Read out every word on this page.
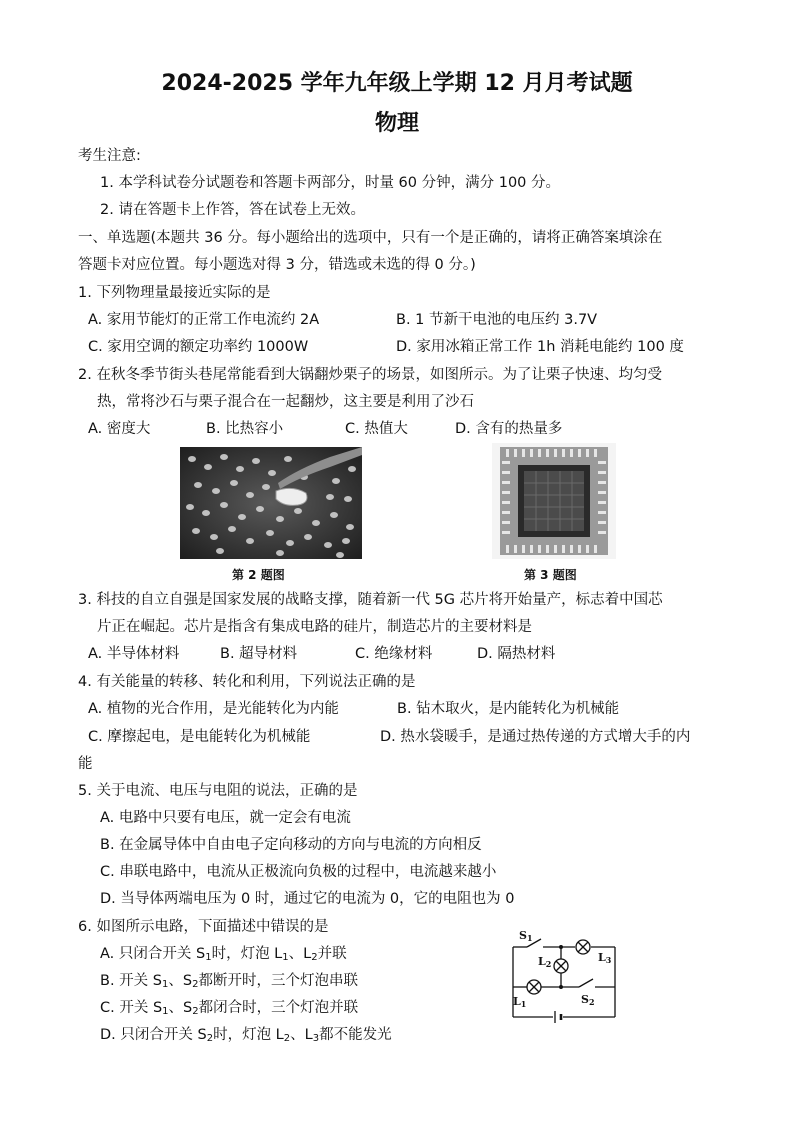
2024-2025 学年九年级上学期 12 月月考试题
物理
考生注意:
1. 本学科试卷分试题卷和答题卡两部分，时量 60 分钟，满分 100 分。
2. 请在答题卡上作答，答在试卷上无效。
一、单选题(本题共 36 分。每小题给出的选项中，只有一个是正确的，请将正确答案填涂在
答题卡对应位置。每小题选对得 3 分，错选或未选的得 0 分。)
1. 下列物理量最接近实际的是
A. 家用节能灯的正常工作电流约 2A	B. 1 节新干电池的电压约 3.7V
C. 家用空调的额定功率约 1000W	D. 家用冰箱正常工作 1h 消耗电能约 100 度
2. 在秋冬季节街头巷尾常能看到大锅翻炒栗子的场景，如图所示。为了让栗子快速、均匀受
热，常将沙石与栗子混合在一起翻炒，这主要是利用了沙石
A. 密度大	B. 比热容小	C. 热值大	D. 含有的热量多
第 2 题图	第 3 题图
3. 科技的自立自强是国家发展的战略支撑，随着新一代 5G 芯片将开始量产，标志着中国芯
片正在崛起。芯片是指含有集成电路的硅片，制造芯片的主要材料是
A. 半导体材料	B. 超导材料	C. 绝缘材料	D. 隔热材料
4. 有关能量的转移、转化和利用，下列说法正确的是
A. 植物的光合作用，是光能转化为内能	B. 钻木取火，是内能转化为机械能
C. 摩擦起电，是电能转化为机械能	D. 热水袋暖手，是通过热传递的方式增大手的内
能
5. 关于电流、电压与电阻的说法，正确的是
A. 电路中只要有电压，就一定会有电流
B. 在金属导体中自由电子定向移动的方向与电流的方向相反
C. 串联电路中，电流从正极流向负极的过程中，电流越来越小
D. 当导体两端电压为 0 时，通过它的电流为 0，它的电阻也为 0
6. 如图所示电路，下面描述中错误的是
A. 只闭合开关 $S_1$时，灯泡 $L_1$、$L_2$并联
B. 开关 $S_1$、$S_2$都断开时，三个灯泡串联
C. 开关 $S_1$、$S_2$都闭合时，三个灯泡并联
D. 只闭合开关 $S_2$时，灯泡 $L_2$、$L_3$都不能发光
S1
L3
L2
L1	S2
